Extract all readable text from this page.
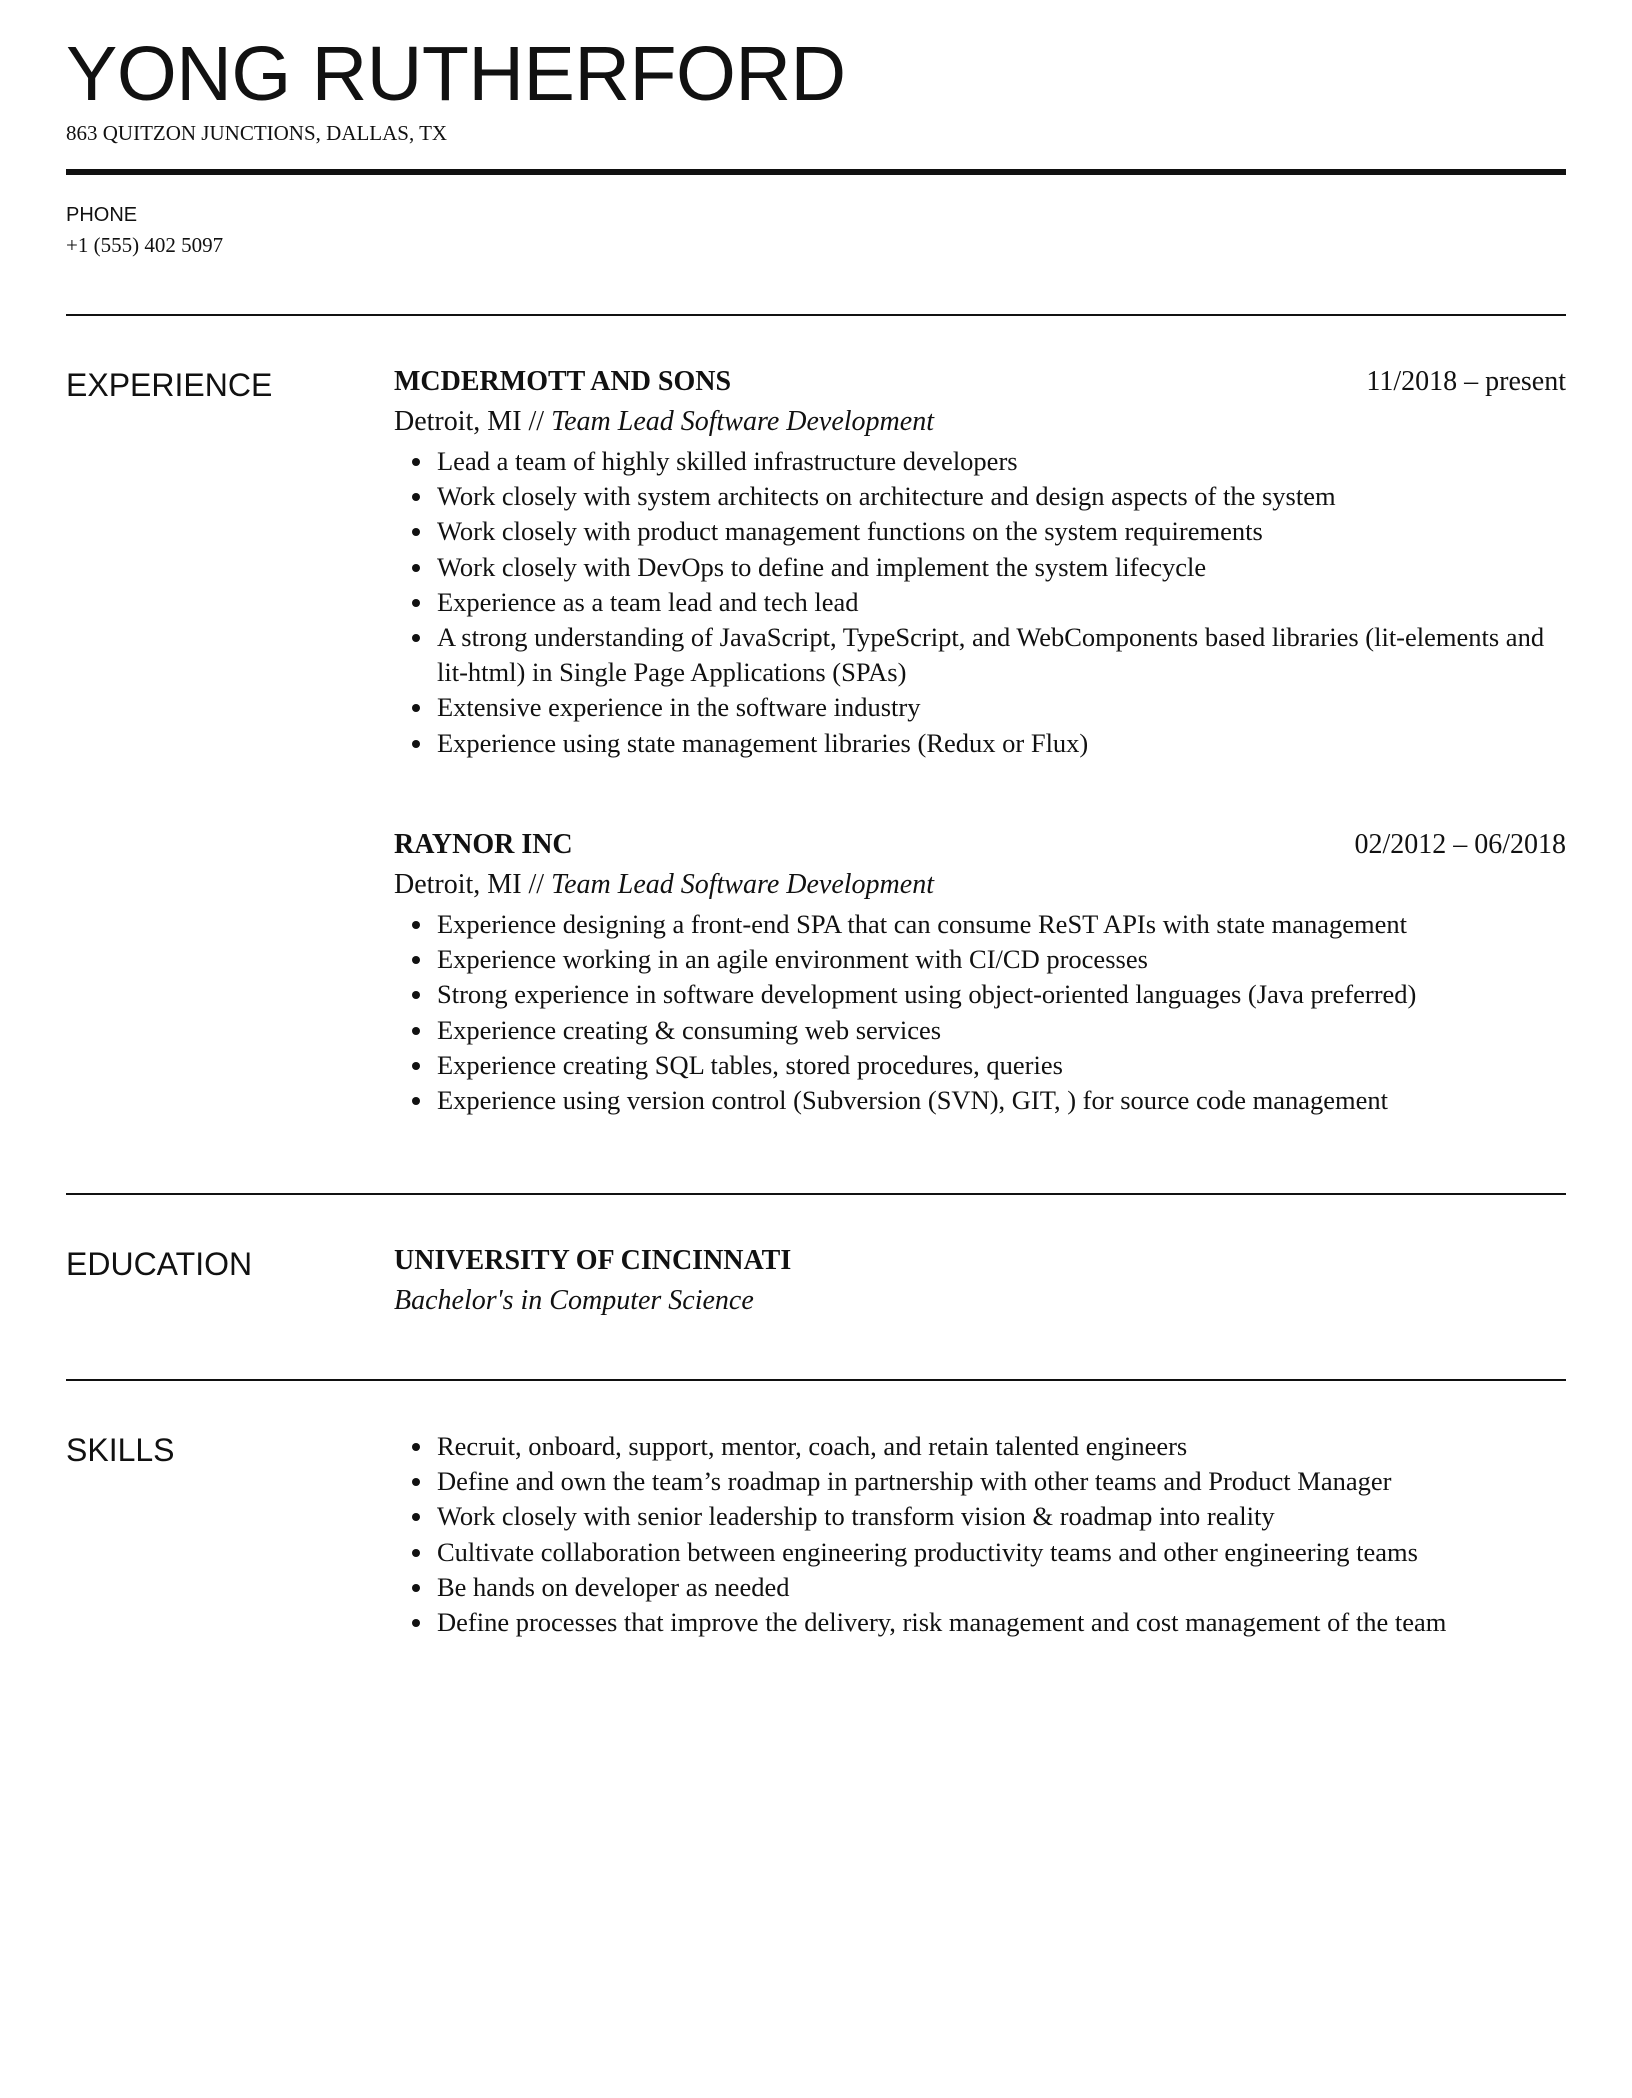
YONG RUTHERFORD
863 QUITZON JUNCTIONS, DALLAS, TX
PHONE
+1 (555) 402 5097
EXPERIENCE	MCDERMOTT AND SONS	11/2018 – present
Detroit, MI // Team Lead Software Development
Lead a team of highly skilled infrastructure developers
Work closely with system architects on architecture and design aspects of the system
Work closely with product management functions on the system requirements
Work closely with DevOps to define and implement the system lifecycle
Experience as a team lead and tech lead
A strong understanding of JavaScript, TypeScript, and WebComponents based libraries (lit-elements and lit-html) in Single Page Applications (SPAs)
Extensive experience in the software industry
Experience using state management libraries (Redux or Flux)
RAYNOR INC	02/2012 – 06/2018
Detroit, MI // Team Lead Software Development
Experience designing a front-end SPA that can consume ReST APIs with state management
Experience working in an agile environment with CI/CD processes
Strong experience in software development using object-oriented languages (Java preferred)
Experience creating & consuming web services
Experience creating SQL tables, stored procedures, queries
Experience using version control (Subversion (SVN), GIT, ) for source code management
EDUCATION	UNIVERSITY OF CINCINNATI
Bachelor's in Computer Science
SKILLS	Recruit, onboard, support, mentor, coach, and retain talented engineers
Define and own the team’s roadmap in partnership with other teams and Product Manager
Work closely with senior leadership to transform vision & roadmap into reality
Cultivate collaboration between engineering productivity teams and other engineering teams
Be hands on developer as needed
Define processes that improve the delivery, risk management and cost management of the team
